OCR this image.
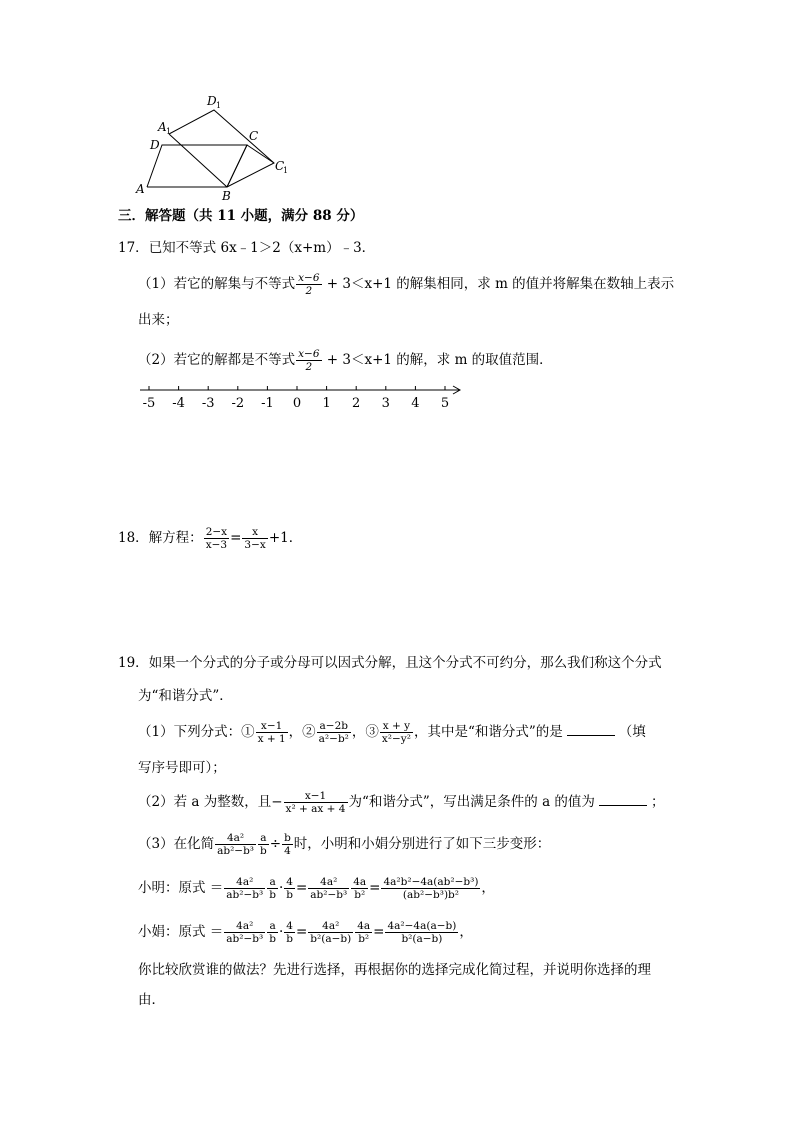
D 1
A 1	C
D
C
1
A	B
三．解答题（共 11 小题，满分 88 分）
17．已知不等式 6x﹣1＞2（x+m）﹣3．
（1）若它的解集与不等式 $\frac{x-6}{2} + 3<x+1$ 的解集相同，求 m 的值并将解集在数轴上表示
出来；
（2）若它的解都是不等式 $\frac{x-6}{2} + 3<x+1$ 的解，求 m 的取值范围．
-5 -4 -3 -2 -1 0 1 2 3 4 5
18．解方程： $\frac{2-x}{x-3} = \frac{x}{3-x} +1$．
19．如果一个分式的分子或分母可以因式分解，且这个分式不可约分，那么我们称这个分式
为“和谐分式”．
（1）下列分式：① $\frac{x-1}{x + 1}$ ，② $\frac{a-2b}{\text{a²−b²}}$ ，③ $\frac{x + y}{\text{x²−y²}}$ ，其中是“和谐分式”的是	（填
写序号即可）；
（2）若 a 为整数，且− $\frac{x-1}{\text{x² + ax + 4}}$ 为“和谐分式”，写出满足条件的 a 的值为	；
（3）在化简 $\frac{\text{4a²}}{\text{ab²−b³}} \frac{a}{b} \div \frac{b}{4}$ 时，小明和小娟分别进行了如下三步变形：
小明：原式 ＝ $\frac{\text{4a²}}{\text{ab²−b³}} \frac{a}{b} \cdot \frac{4}{b} = \frac{\text{4a²}}{\text{ab²−b³}} \frac{4a}{\text{b²}} = \frac{\text{4a²b²−4a(ab²−b³)}}{\text{(ab²−b³)b²}}$ ，
小娟：原式 ＝ $\frac{\text{4a²}}{\text{ab²−b³}} \frac{a}{b} \cdot \frac{4}{b} = \frac{\text{4a²}}{\text{b²(a−b)}} \frac{4a}{\text{b²}} = \frac{\text{4a²−4a(a−b)}}{\text{b²(a−b)}}$ ，
你比较欣赏谁的做法？先进行选择，再根据你的选择完成化简过程，并说明你选择的理
由．
